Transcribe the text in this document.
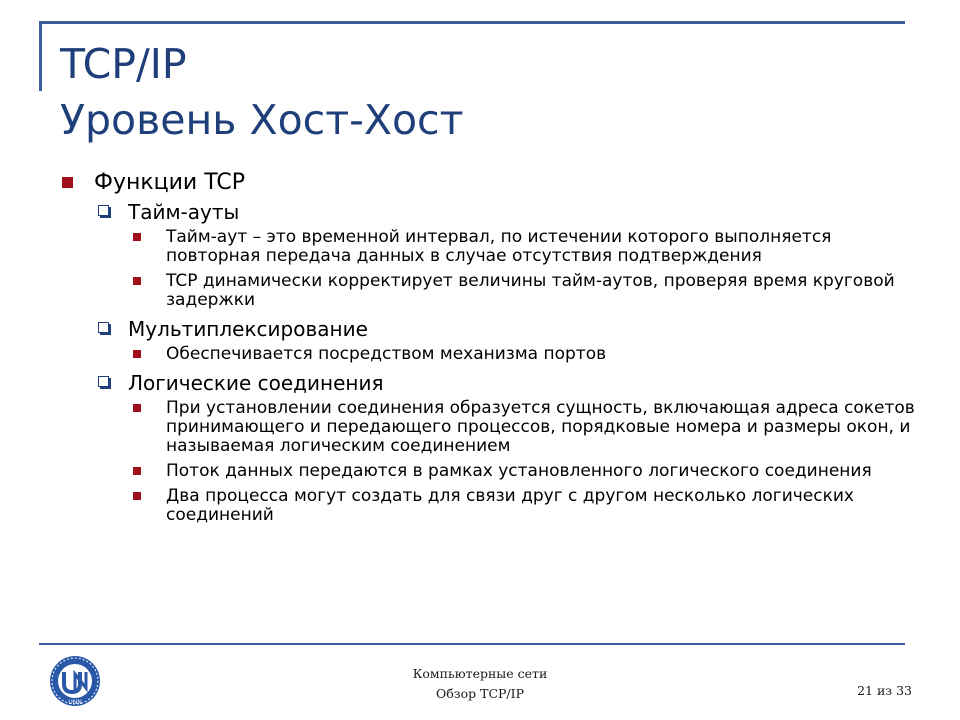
TCP/IP
Уровень Хост-Хост
Функции TCP
Тайм-ауты
Тайм-аут – это временной интервал, по истечении которого выполняется повторная передача данных в случае отсутствия подтверждения
TCP динамически корректирует величины тайм-аутов, проверяя время круговой задержки
Мультиплексирование
Обеспечивается посредством механизма портов
Логические соединения
При установлении соединения образуется сущность, включающая адреса сокетов принимающего и передающего процессов, порядковые номера и размеры окон, и называемая логическим соединением
Поток данных передаются в рамках установленного логического соединения
Два процесса могут создать для связи друг с другом несколько логических соединений
UNN
Компьютерные сети
Обзор TCP/IP	21 из 33
